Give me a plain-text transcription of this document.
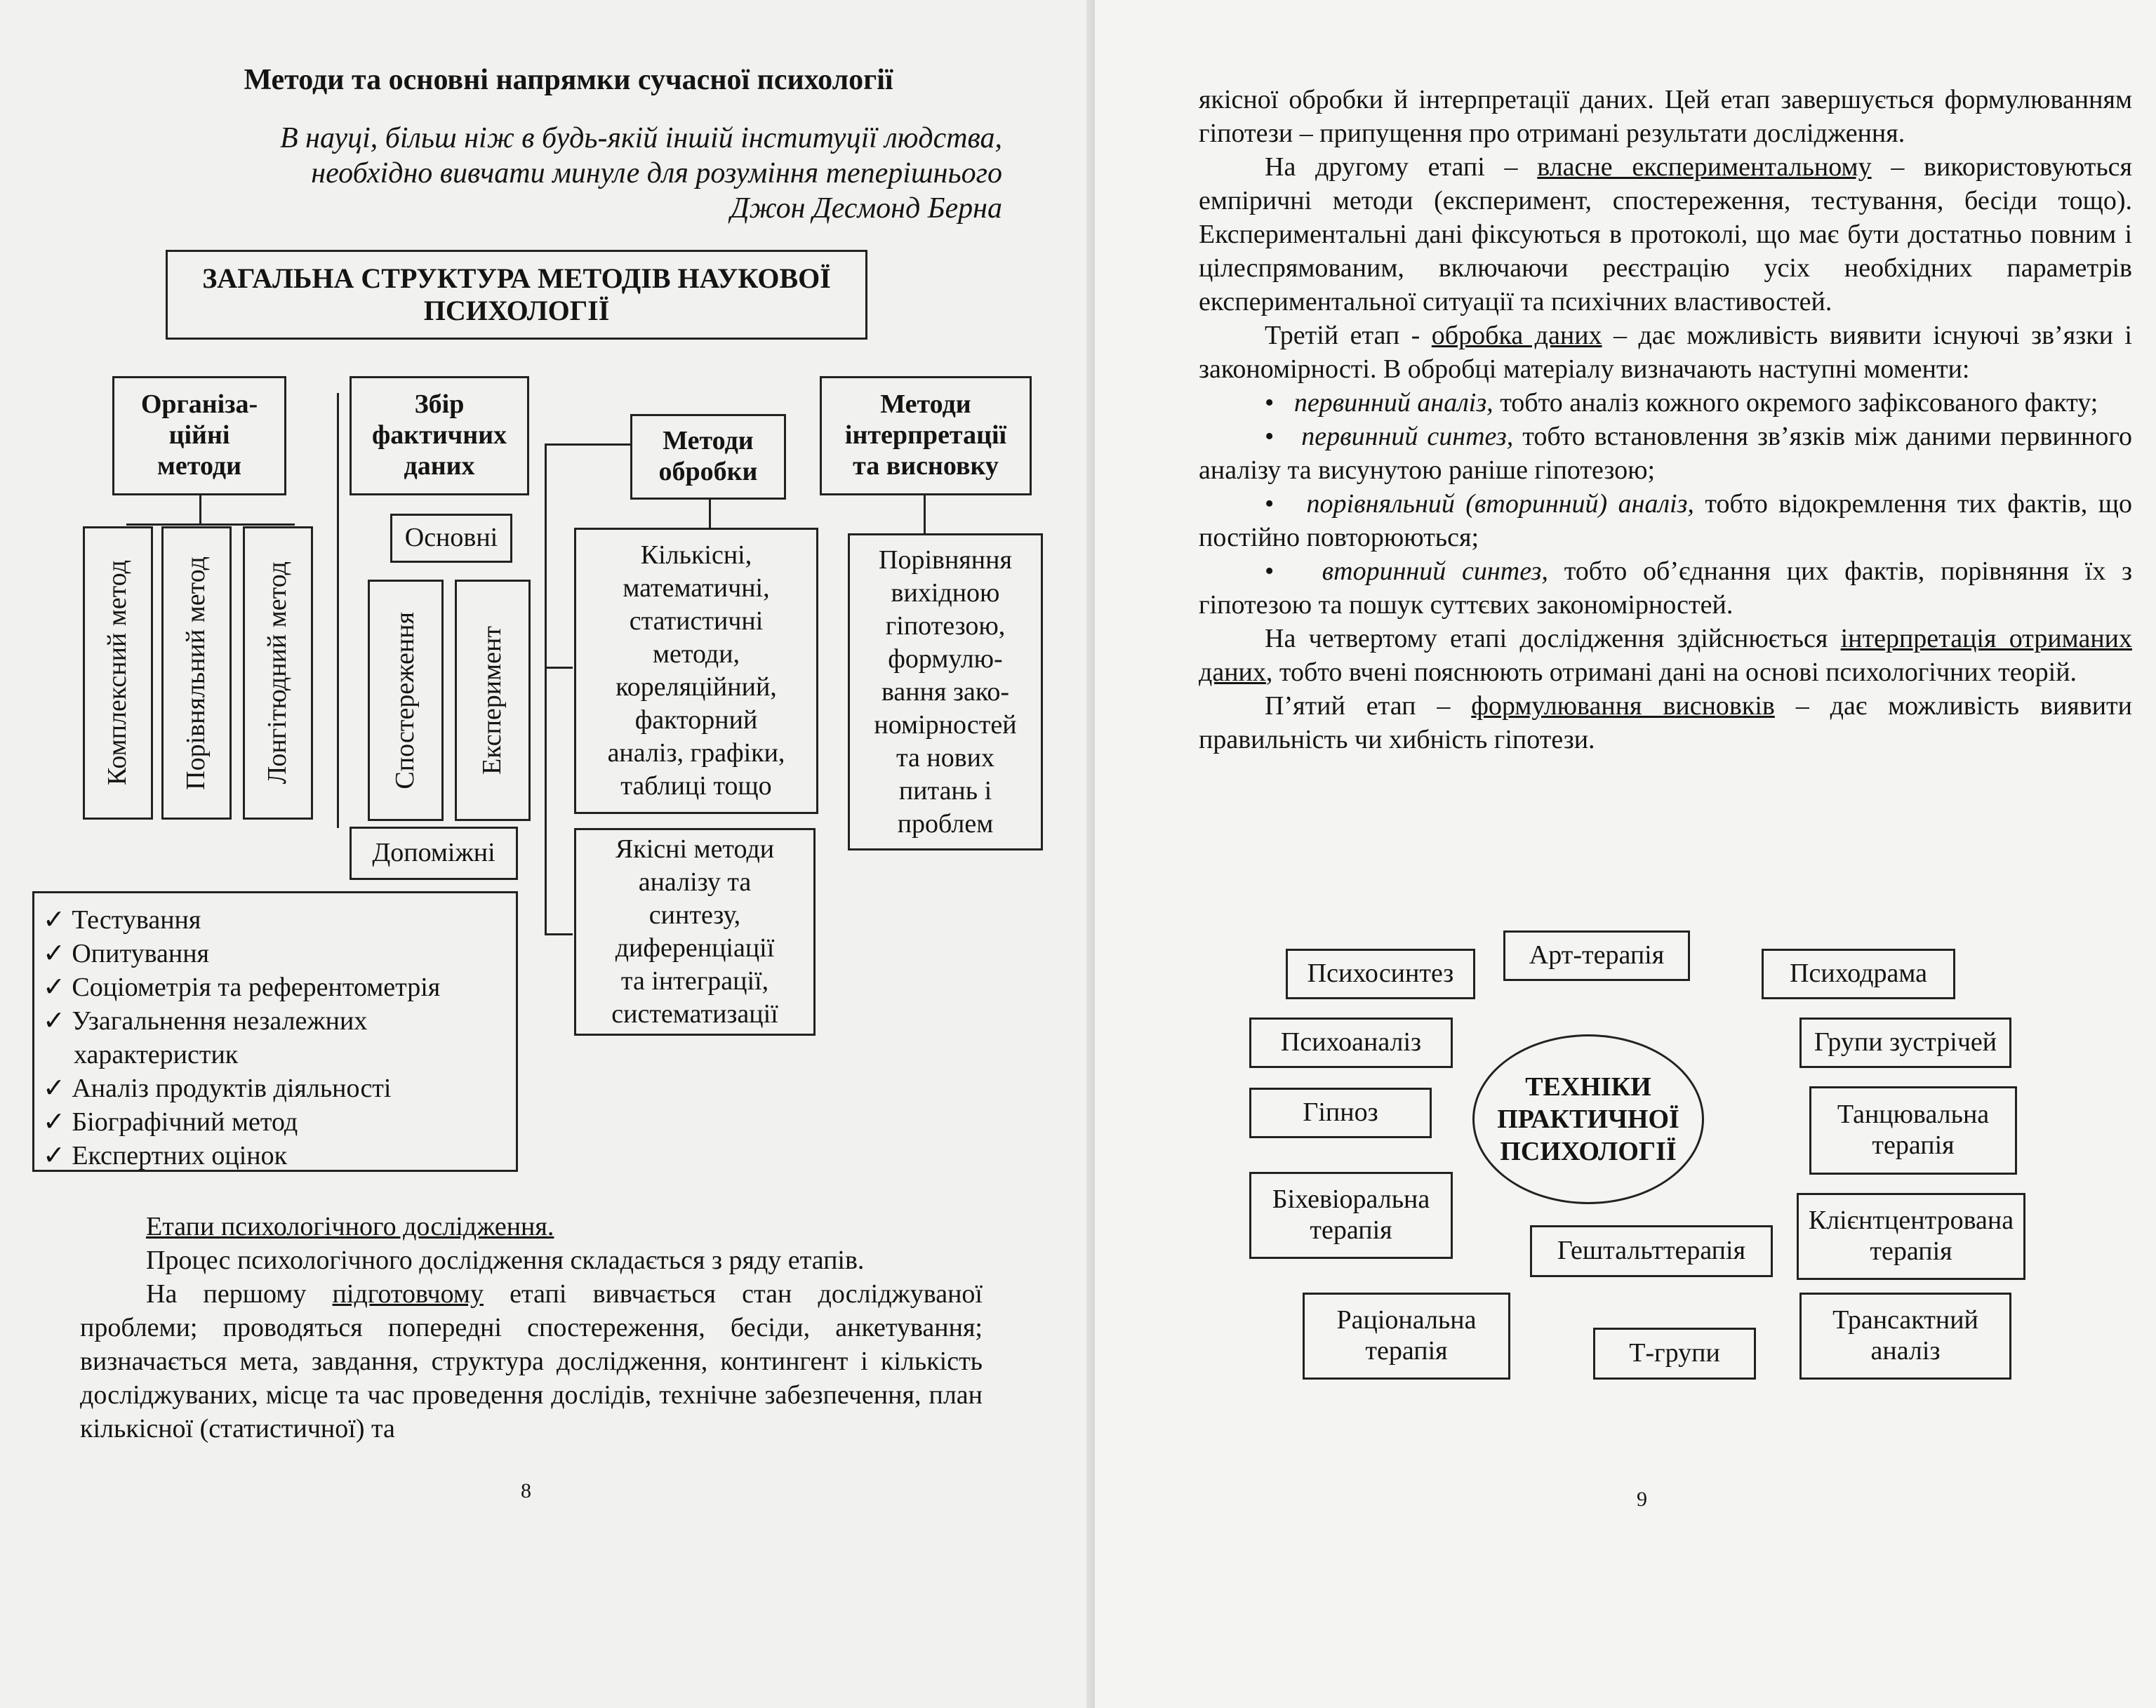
Методи та основні напрямки сучасної психології
В науці, більш ніж в будь-якій іншій інституції людства,
необхідно вивчати минуле для розуміння теперішнього
Джон Десмонд Берна
ЗАГАЛЬНА СТРУКТУРА МЕТОДІВ НАУКОВОЇ
ПСИХОЛОГІЇ
Організа-
ційні
методи
Комплексний метод Порівняльний метод Лонгітюдний метод
Збір
фактичних
даних
Основні
Спостереження Експеримент
Допоміжні
✓ Тестування
✓ Опитування
✓ Соціометрія та референтометрія
✓ Узагальнення незалежних
характеристик
✓ Аналіз продуктів діяльності
✓ Біографічний метод
✓ Експертних оцінок
Методи
обробки
Кількісні,
математичні,
статистичні
методи,
кореляційний,
факторний
аналіз, графіки,
таблиці тощо
Якісні методи
аналізу та
синтезу,
диференціації
та інтеграції,
систематизації
Методи
інтерпретації
та висновку
Порівняння
вихідною
гіпотезою,
формулю-
вання зако-
номірностей
та нових
питань і
проблем
Етапи психологічного дослідження.

Процес психологічного дослідження складається з ряду етапів.

На першому підготовчому етапі вивчається стан досліджуваної проблеми; проводяться попередні спостереження, бесіди, анкетування; визначається мета, завдання, структура дослідження, контингент і кількість досліджуваних, місце та час проведення дослідів, технічне забезпечення, план кількісної (статистичної) та

8

якісної обробки й інтерпретації даних. Цей етап завершується формулюванням гіпотези – припущення про отримані результати дослідження.

На другому етапі – власне експериментальному – використовуються емпіричні методи (експеримент, спостереження, тестування, бесіди тощо). Експериментальні дані фіксуються в протоколі, що має бути достатньо повним і цілеспрямованим, включаючи реєстрацію усіх необхідних параметрів експериментальної ситуації та психічних властивостей.

Третій етап - обробка даних – дає можливість виявити існуючі зв’язки і закономірності. В обробці матеріалу визначають наступні моменти:

•   первинний аналіз, тобто аналіз кожного окремого зафіксованого факту;

•   первинний синтез, тобто встановлення зв’язків між даними первинного аналізу та висунутою раніше гіпотезою;

•   порівняльний (вторинний) аналіз, тобто відокремлення тих фактів, що постійно повторюються;

•   вторинний синтез, тобто об’єднання цих фактів, порівняння їх з гіпотезою та пошук суттєвих закономірностей.

На четвертому етапі дослідження здійснюється інтерпретація отриманих даних, тобто вчені пояснюють отримані дані на основі психологічних теорій.

П’ятий етап – формулювання висновків – дає можливість виявити правильність чи хибність гіпотези.

ТЕХНІКИ
ПРАКТИЧНОЇ
ПСИХОЛОГІЇ
Психосинтез
Арт-терапія
Психодрама
Психоаналіз	Групи зустрічей
Гіпноз	Танцювальна
терапія
Біхевіоральна
терапія	Клієнтцентрована
терапія
Гештальттерапія
Раціональна
терапія	Т-групи
Трансактний
аналіз
9
